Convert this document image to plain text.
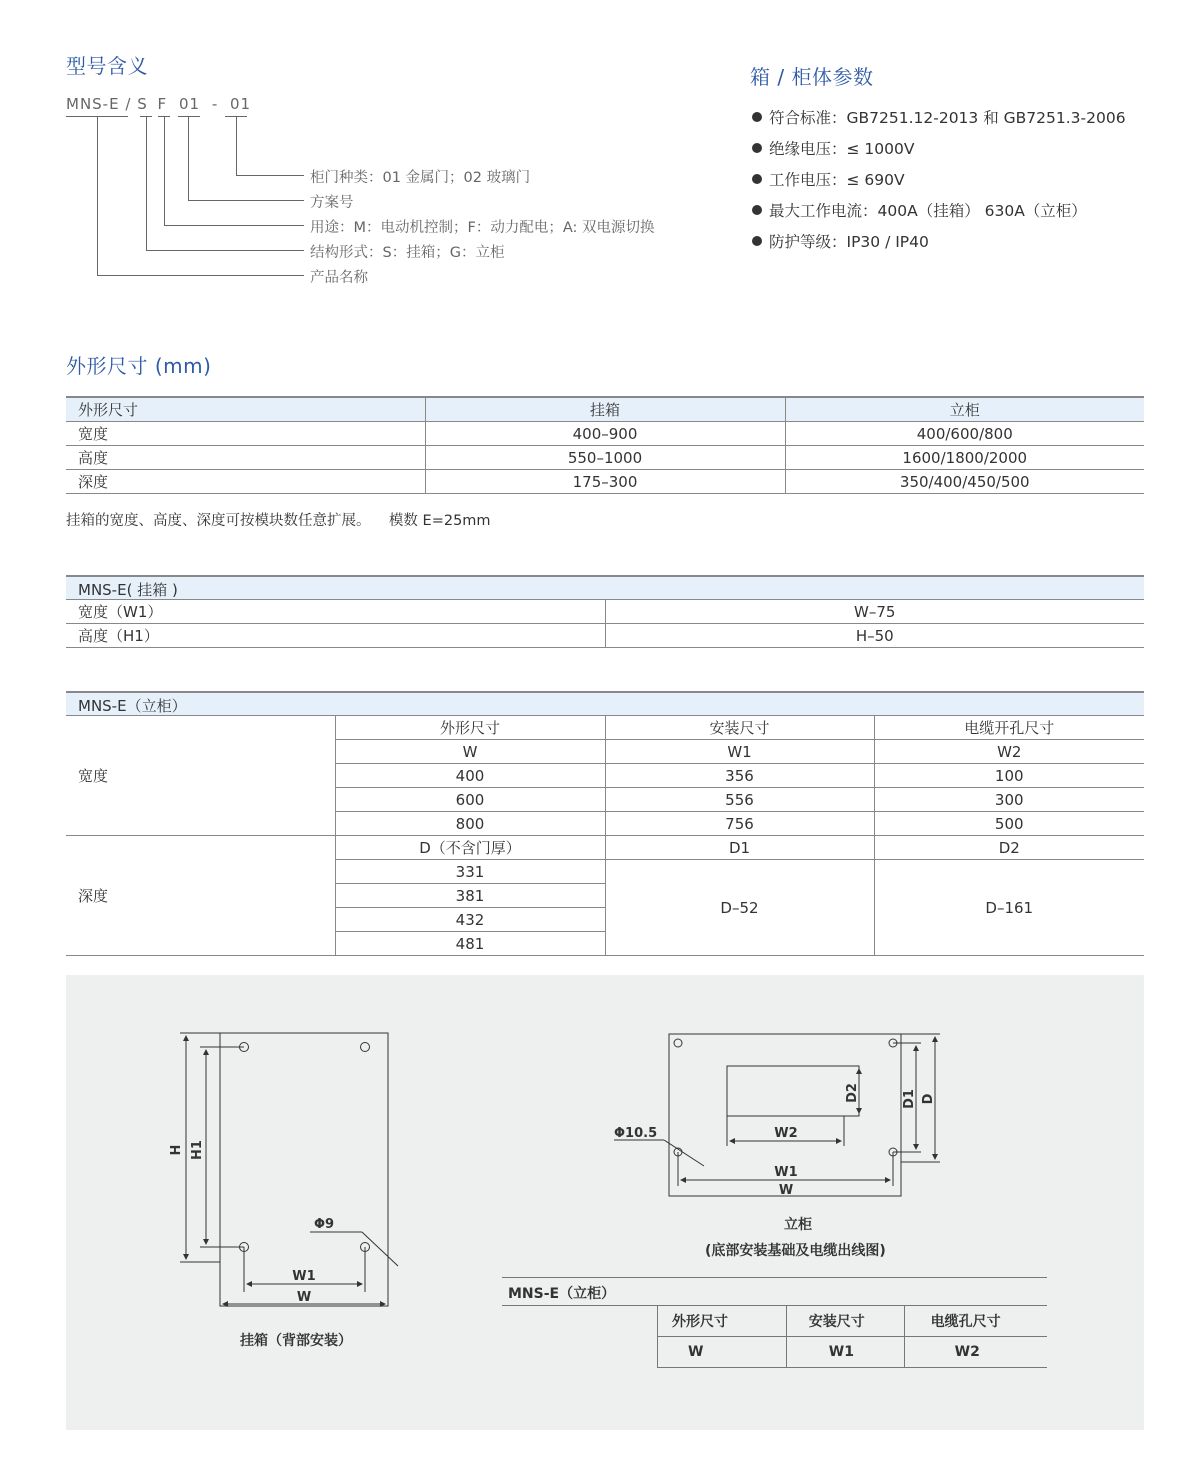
型号含义
MNS-E / S F 01 - 01
柜门种类：01 金属门；02 玻璃门
方案号
用途：M：电动机控制；F：动力配电；A: 双电源切换
结构形式：S：挂箱；G：立柜
产品名称
箱 / 柜体参数
符合标准：GB7251.12-2013 和 GB7251.3-2006
绝缘电压：≤ 1000V
工作电压：≤ 690V
最大工作电流：400A（挂箱） 630A（立柜）
防护等级：IP30 / IP40
外形尺寸 (mm)
外形尺寸	挂箱	立柜
宽度	400–900	400/600/800
高度	550–1000	1600/1800/2000
深度	175–300	350/400/450/500
挂箱的宽度、高度、深度可按模块数任意扩展。    模数 E=25mm
MNS-E( 挂箱 )
宽度（W1）	W–75
高度（H1）	H–50
MNS-E（立柜）
宽度	外形尺寸	安装尺寸	电缆开孔尺寸
	W	W1	W2
	400	356	100
	600	556	300
	800	756	500
深度	D（不含门厚）	D1	D2
	331	D–52	D–161
	381		
	432		
	481		
H H1
W1
W
Φ9
D2	D1 D
W2
W1
W
Φ10.5
挂箱（背部安装）
立柜
(底部安装基础及电缆出线图)
MNS-E（立柜）
外形尺寸	安装尺寸	电缆孔尺寸
W	W1	W2
